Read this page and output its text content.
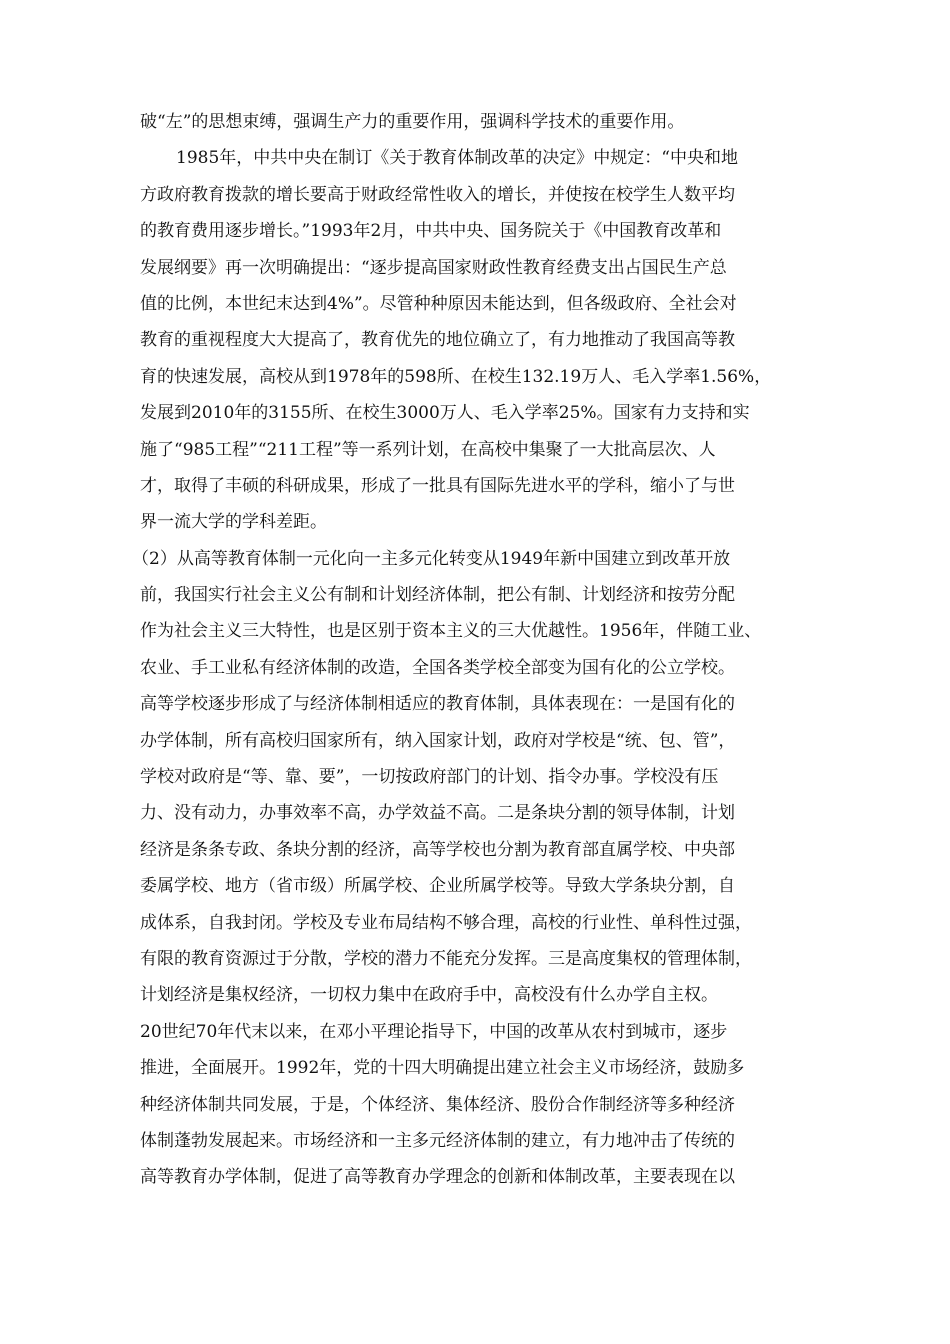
破“左”的思想束缚，强调生产力的重要作用，强调科学技术的重要作用。
1985年，中共中央在制订《关于教育体制改革的决定》中规定：“中央和地
方政府教育拨款的增长要高于财政经常性收入的增长，并使按在校学生人数平均
的教育费用逐步增长。”1993年2月，中共中央、国务院关于《中国教育改革和
发展纲要》再一次明确提出：“逐步提高国家财政性教育经费支出占国民生产总
值的比例，本世纪末达到4%”。尽管种种原因未能达到，但各级政府、全社会对
教育的重视程度大大提高了，教育优先的地位确立了，有力地推动了我国高等教
育的快速发展，高校从到1978年的598所、在校生132.19万人、毛入学率1.56%，
发展到2010年的3155所、在校生3000万人、毛入学率25%。国家有力支持和实
施了“985工程”“211工程”等一系列计划，在高校中集聚了一大批高层次、人
才，取得了丰硕的科研成果，形成了一批具有国际先进水平的学科，缩小了与世
界一流大学的学科差距。
（2）从高等教育体制一元化向一主多元化转变从1949年新中国建立到改革开放
前，我国实行社会主义公有制和计划经济体制，把公有制、计划经济和按劳分配
作为社会主义三大特性，也是区别于资本主义的三大优越性。1956年，伴随工业、
农业、手工业私有经济体制的改造，全国各类学校全部变为国有化的公立学校。
高等学校逐步形成了与经济体制相适应的教育体制，具体表现在：一是国有化的
办学体制，所有高校归国家所有，纳入国家计划，政府对学校是“统、包、管”，
学校对政府是“等、靠、要”，一切按政府部门的计划、指令办事。学校没有压
力、没有动力，办事效率不高，办学效益不高。二是条块分割的领导体制，计划
经济是条条专政、条块分割的经济，高等学校也分割为教育部直属学校、中央部
委属学校、地方（省市级）所属学校、企业所属学校等。导致大学条块分割，自
成体系，自我封闭。学校及专业布局结构不够合理，高校的行业性、单科性过强，
有限的教育资源过于分散，学校的潜力不能充分发挥。三是高度集权的管理体制，
计划经济是集权经济，一切权力集中在政府手中，高校没有什么办学自主权。
20世纪70年代末以来，在邓小平理论指导下，中国的改革从农村到城市，逐步
推进，全面展开。1992年，党的十四大明确提出建立社会主义市场经济，鼓励多
种经济体制共同发展，于是，个体经济、集体经济、股份合作制经济等多种经济
体制蓬勃发展起来。市场经济和一主多元经济体制的建立，有力地冲击了传统的
高等教育办学体制，促进了高等教育办学理念的创新和体制改革，主要表现在以
